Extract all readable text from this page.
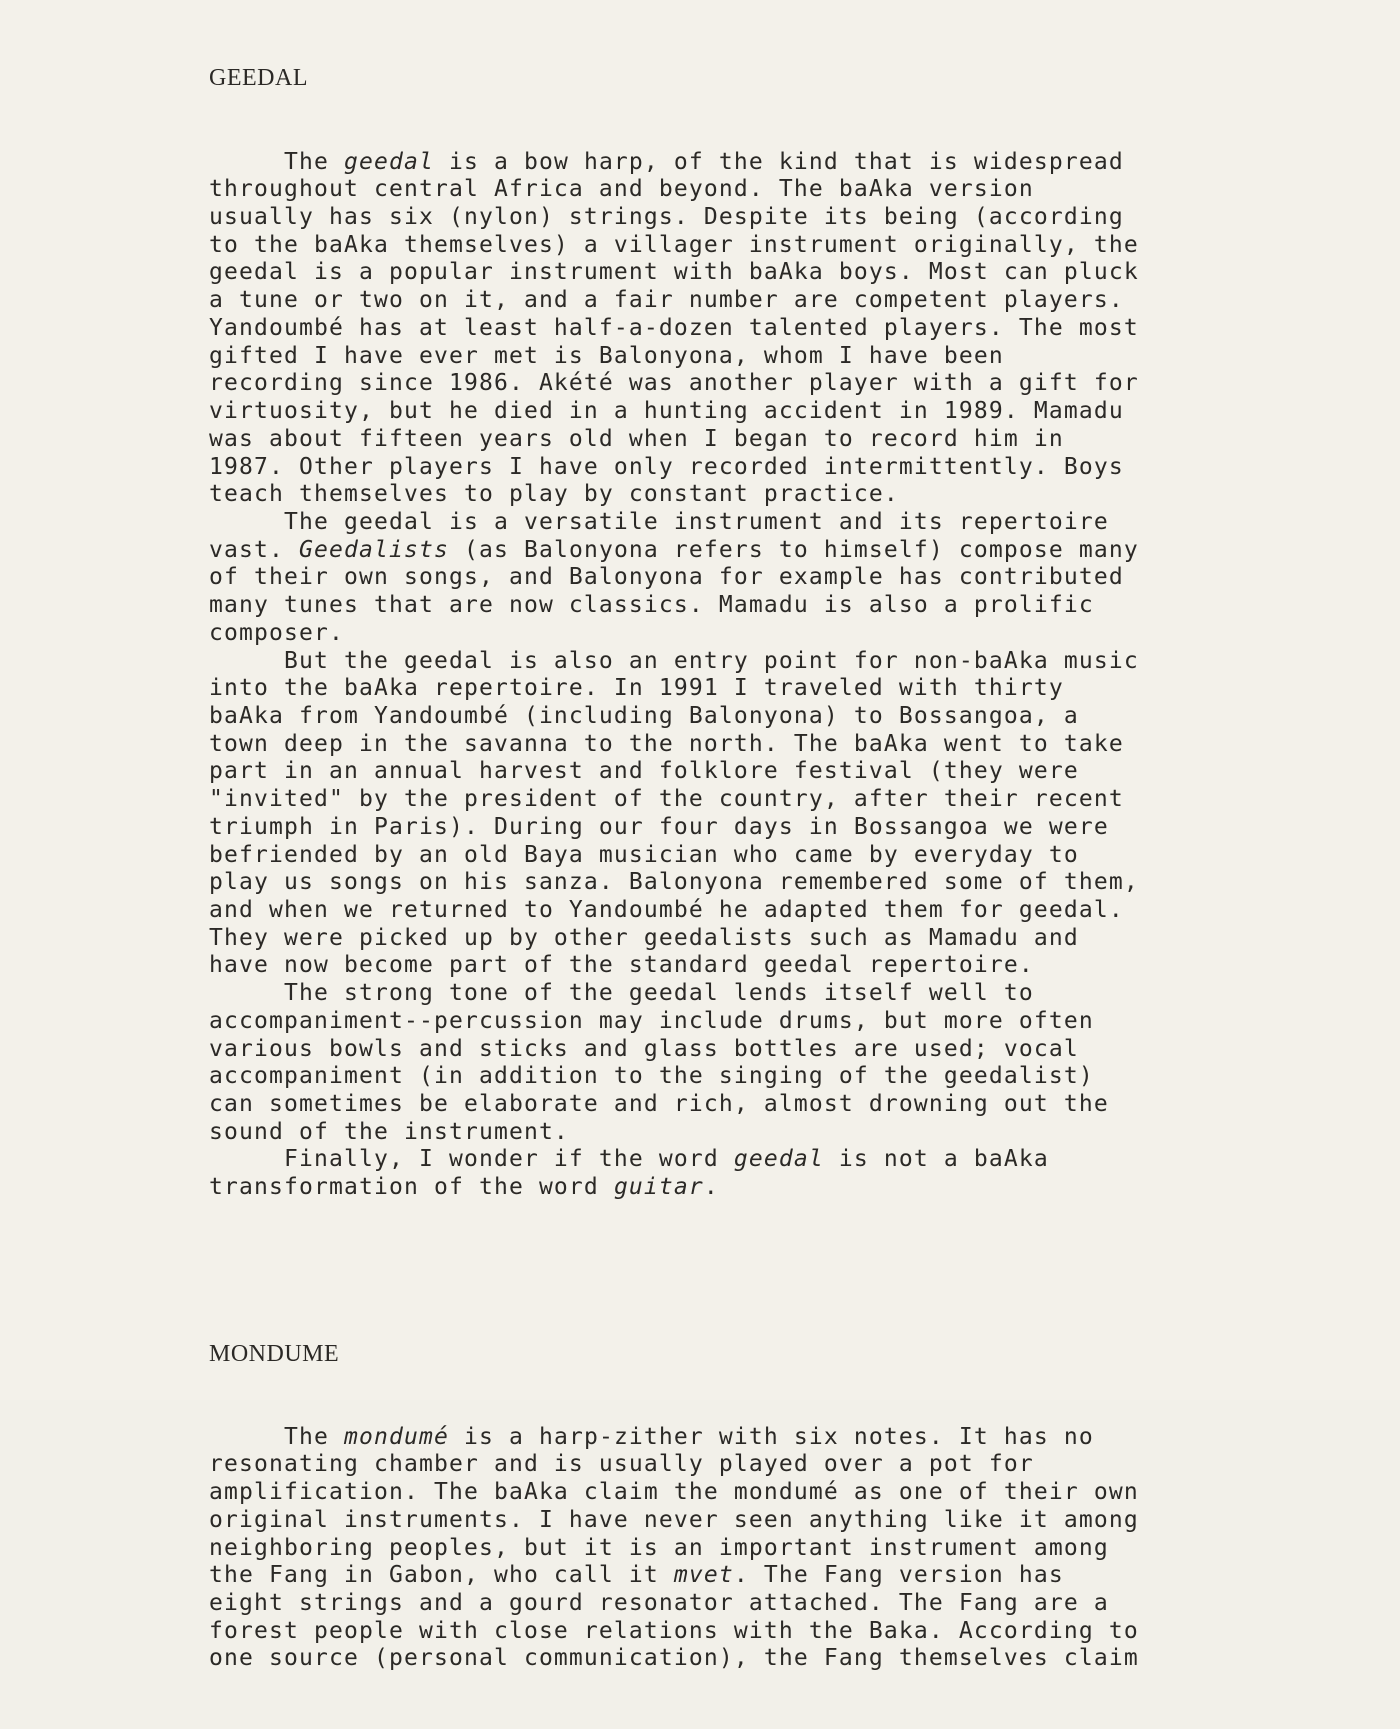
GEEDAL

The geedal is a bow harp, of the kind that is widespread
throughout central Africa and beyond. The baAka version
usually has six (nylon) strings. Despite its being (according
to the baAka themselves) a villager instrument originally, the
geedal is a popular instrument with baAka boys. Most can pluck
a tune or two on it, and a fair number are competent players.
Yandoumbé has at least half-a-dozen talented players. The most
gifted I have ever met is Balonyona, whom I have been
recording since 1986. Akété was another player with a gift for
virtuosity, but he died in a hunting accident in 1989. Mamadu
was about fifteen years old when I began to record him in
1987. Other players I have only recorded intermittently. Boys
teach themselves to play by constant practice.
The geedal is a versatile instrument and its repertoire
vast. Geedalists (as Balonyona refers to himself) compose many
of their own songs, and Balonyona for example has contributed
many tunes that are now classics. Mamadu is also a prolific
composer.
But the geedal is also an entry point for non-baAka music
into the baAka repertoire. In 1991 I traveled with thirty
baAka from Yandoumbé (including Balonyona) to Bossangoa, a
town deep in the savanna to the north. The baAka went to take
part in an annual harvest and folklore festival (they were
"invited" by the president of the country, after their recent
triumph in Paris). During our four days in Bossangoa we were
befriended by an old Baya musician who came by everyday to
play us songs on his sanza. Balonyona remembered some of them,
and when we returned to Yandoumbé he adapted them for geedal.
They were picked up by other geedalists such as Mamadu and
have now become part of the standard geedal repertoire.
The strong tone of the geedal lends itself well to
accompaniment--percussion may include drums, but more often
various bowls and sticks and glass bottles are used; vocal
accompaniment (in addition to the singing of the geedalist)
can sometimes be elaborate and rich, almost drowning out the
sound of the instrument.
Finally, I wonder if the word geedal is not a baAka
transformation of the word guitar.

MONDUME

The mondumé is a harp-zither with six notes. It has no
resonating chamber and is usually played over a pot for
amplification. The baAka claim the mondumé as one of their own
original instruments. I have never seen anything like it among
neighboring peoples, but it is an important instrument among
the Fang in Gabon, who call it mvet. The Fang version has
eight strings and a gourd resonator attached. The Fang are a
forest people with close relations with the Baka. According to
one source (personal communication), the Fang themselves claim
